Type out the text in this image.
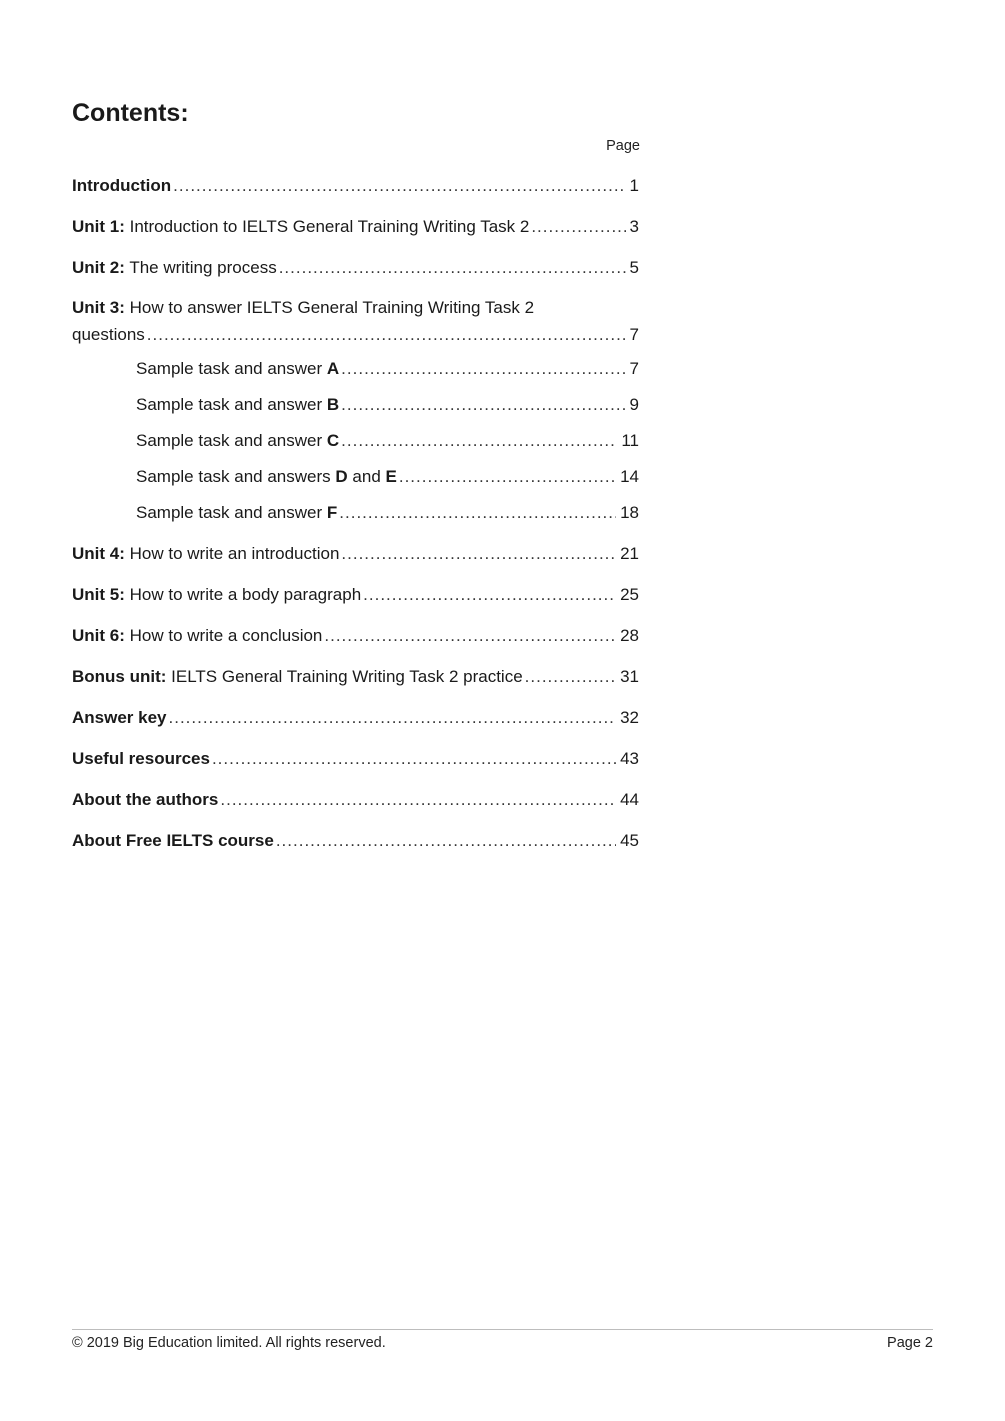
Contents:
Page
Introduction .....	1
Unit 1: Introduction to IELTS General Training Writing Task 2 .....	3
Unit 2: The writing process .....	5
Unit 3: How to answer IELTS General Training Writing Task 2
questions .....	7
Sample task and answer A .....	7
Sample task and answer B .....	9
Sample task and answer C .....	11
Sample task and answers D and E .....	14
Sample task and answer F .....	18
Unit 4: How to write an introduction .....	21
Unit 5: How to write a body paragraph .....	25
Unit 6: How to write a conclusion .....	28
Bonus unit: IELTS General Training Writing Task 2 practice .....	31
Answer key .....	32
Useful resources .....	43
About the authors .....	44
About Free IELTS course .....	45
© 2019 Big Education limited. All rights reserved.	Page 2
